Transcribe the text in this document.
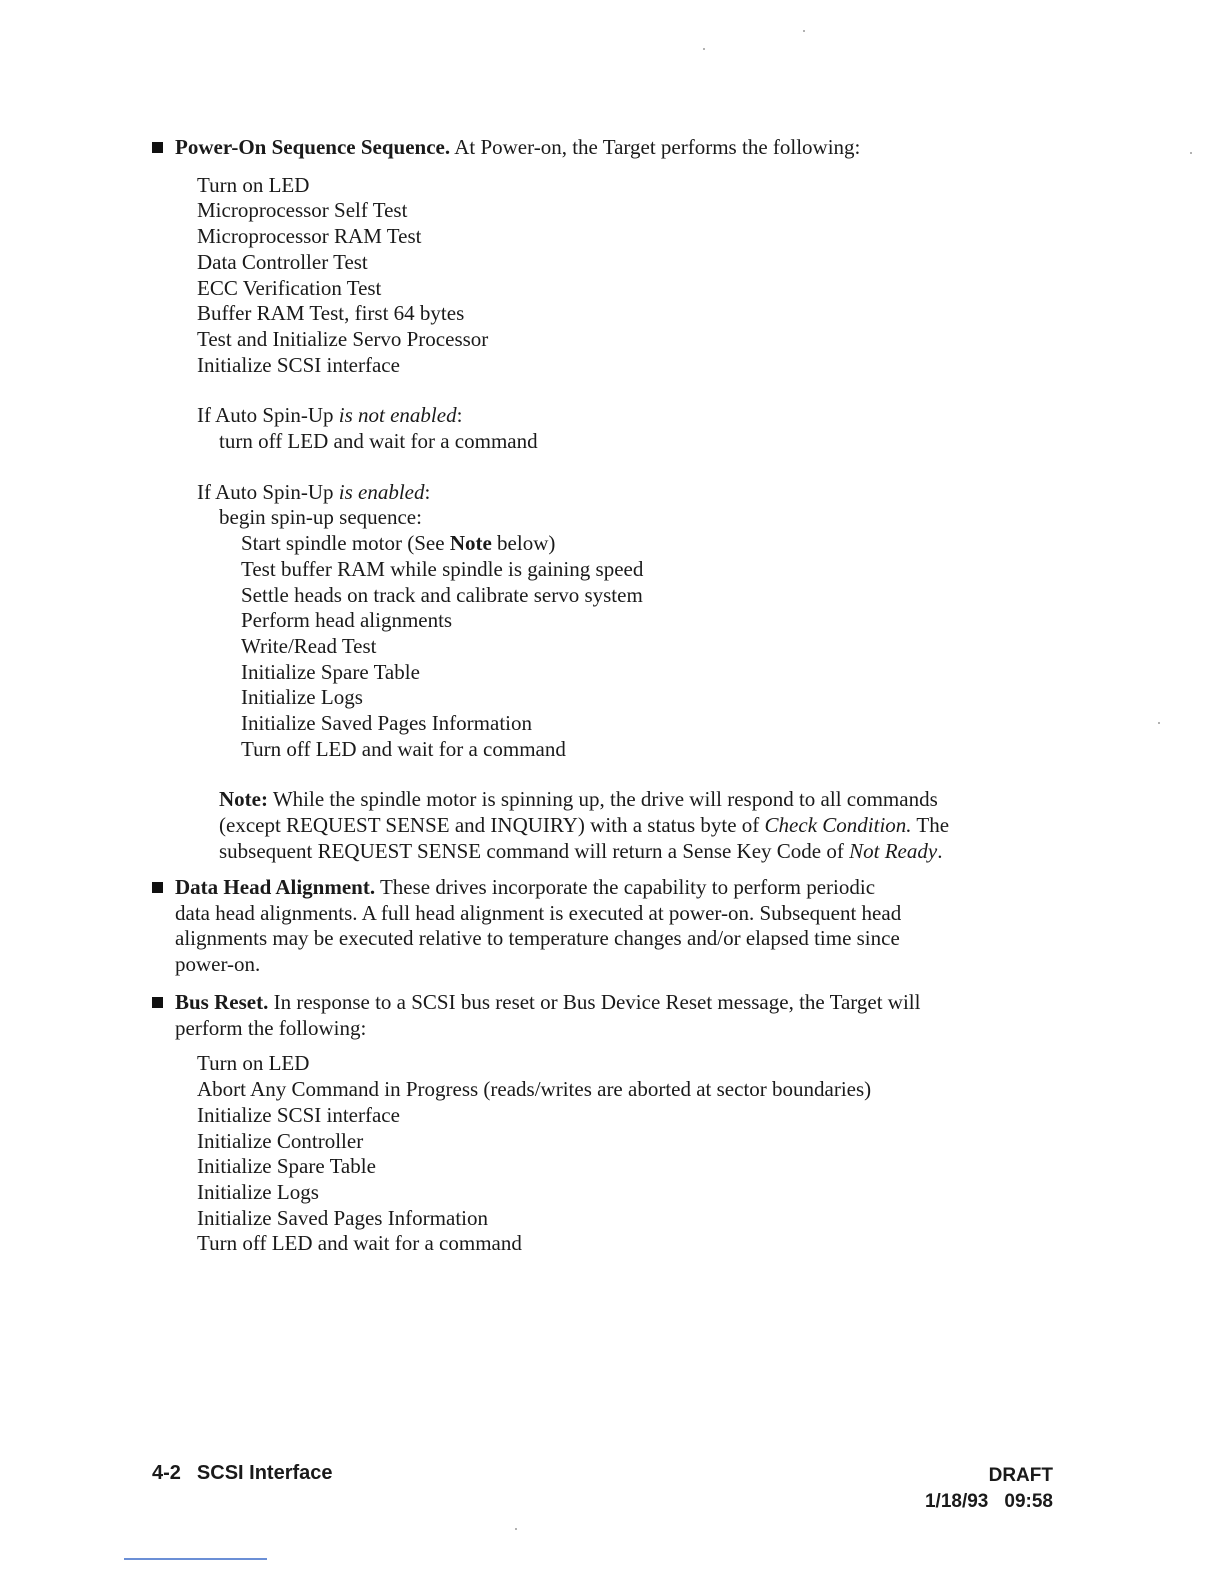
Power-On Sequence Sequence. At Power-on, the Target performs the following:
Turn on LED
Microprocessor Self Test
Microprocessor RAM Test
Data Controller Test
ECC Verification Test
Buffer RAM Test, first 64 bytes
Test and Initialize Servo Processor
Initialize SCSI interface
If Auto Spin-Up is not enabled:
turn off LED and wait for a command
If Auto Spin-Up is enabled:
begin spin-up sequence:
Start spindle motor (See Note below)
Test buffer RAM while spindle is gaining speed
Settle heads on track and calibrate servo system
Perform head alignments
Write/Read Test
Initialize Spare Table
Initialize Logs
Initialize Saved Pages Information
Turn off LED and wait for a command
Note: While the spindle motor is spinning up, the drive will respond to all commands
(except REQUEST SENSE and INQUIRY) with a status byte of Check Condition. The
subsequent REQUEST SENSE command will return a Sense Key Code of Not Ready.
Data Head Alignment. These drives incorporate the capability to perform periodic
data head alignments. A full head alignment is executed at power-on. Subsequent head
alignments may be executed relative to temperature changes and/or elapsed time since
power-on.
Bus Reset. In response to a SCSI bus reset or Bus Device Reset message, the Target will
perform the following:
Turn on LED
Abort Any Command in Progress (reads/writes are aborted at sector boundaries)
Initialize SCSI interface
Initialize Controller
Initialize Spare Table
Initialize Logs
Initialize Saved Pages Information
Turn off LED and wait for a command
4-2 SCSI Interface	DRAFT
1/18/93 09:58
